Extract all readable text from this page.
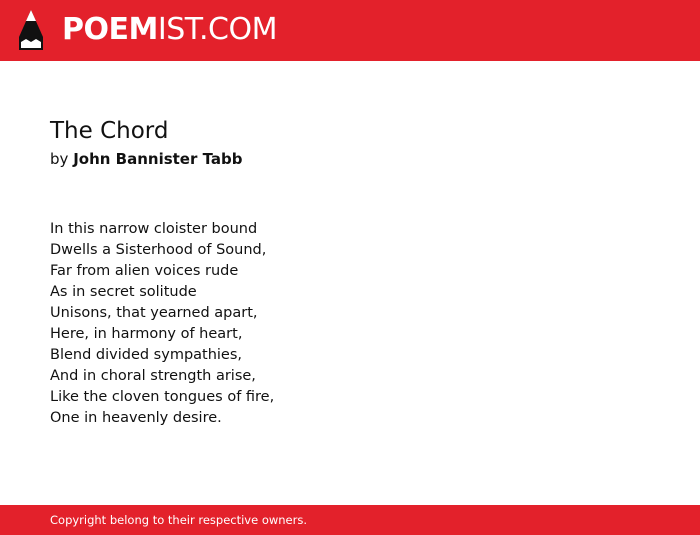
POEMIST.COM
The Chord
by John Bannister Tabb
In this narrow cloister bound
Dwells a Sisterhood of Sound,
Far from alien voices rude
As in secret solitude
Unisons, that yearned apart,
Here, in harmony of heart,
Blend divided sympathies,
And in choral strength arise,
Like the cloven tongues of fire,
One in heavenly desire.
Copyright belong to their respective owners.
